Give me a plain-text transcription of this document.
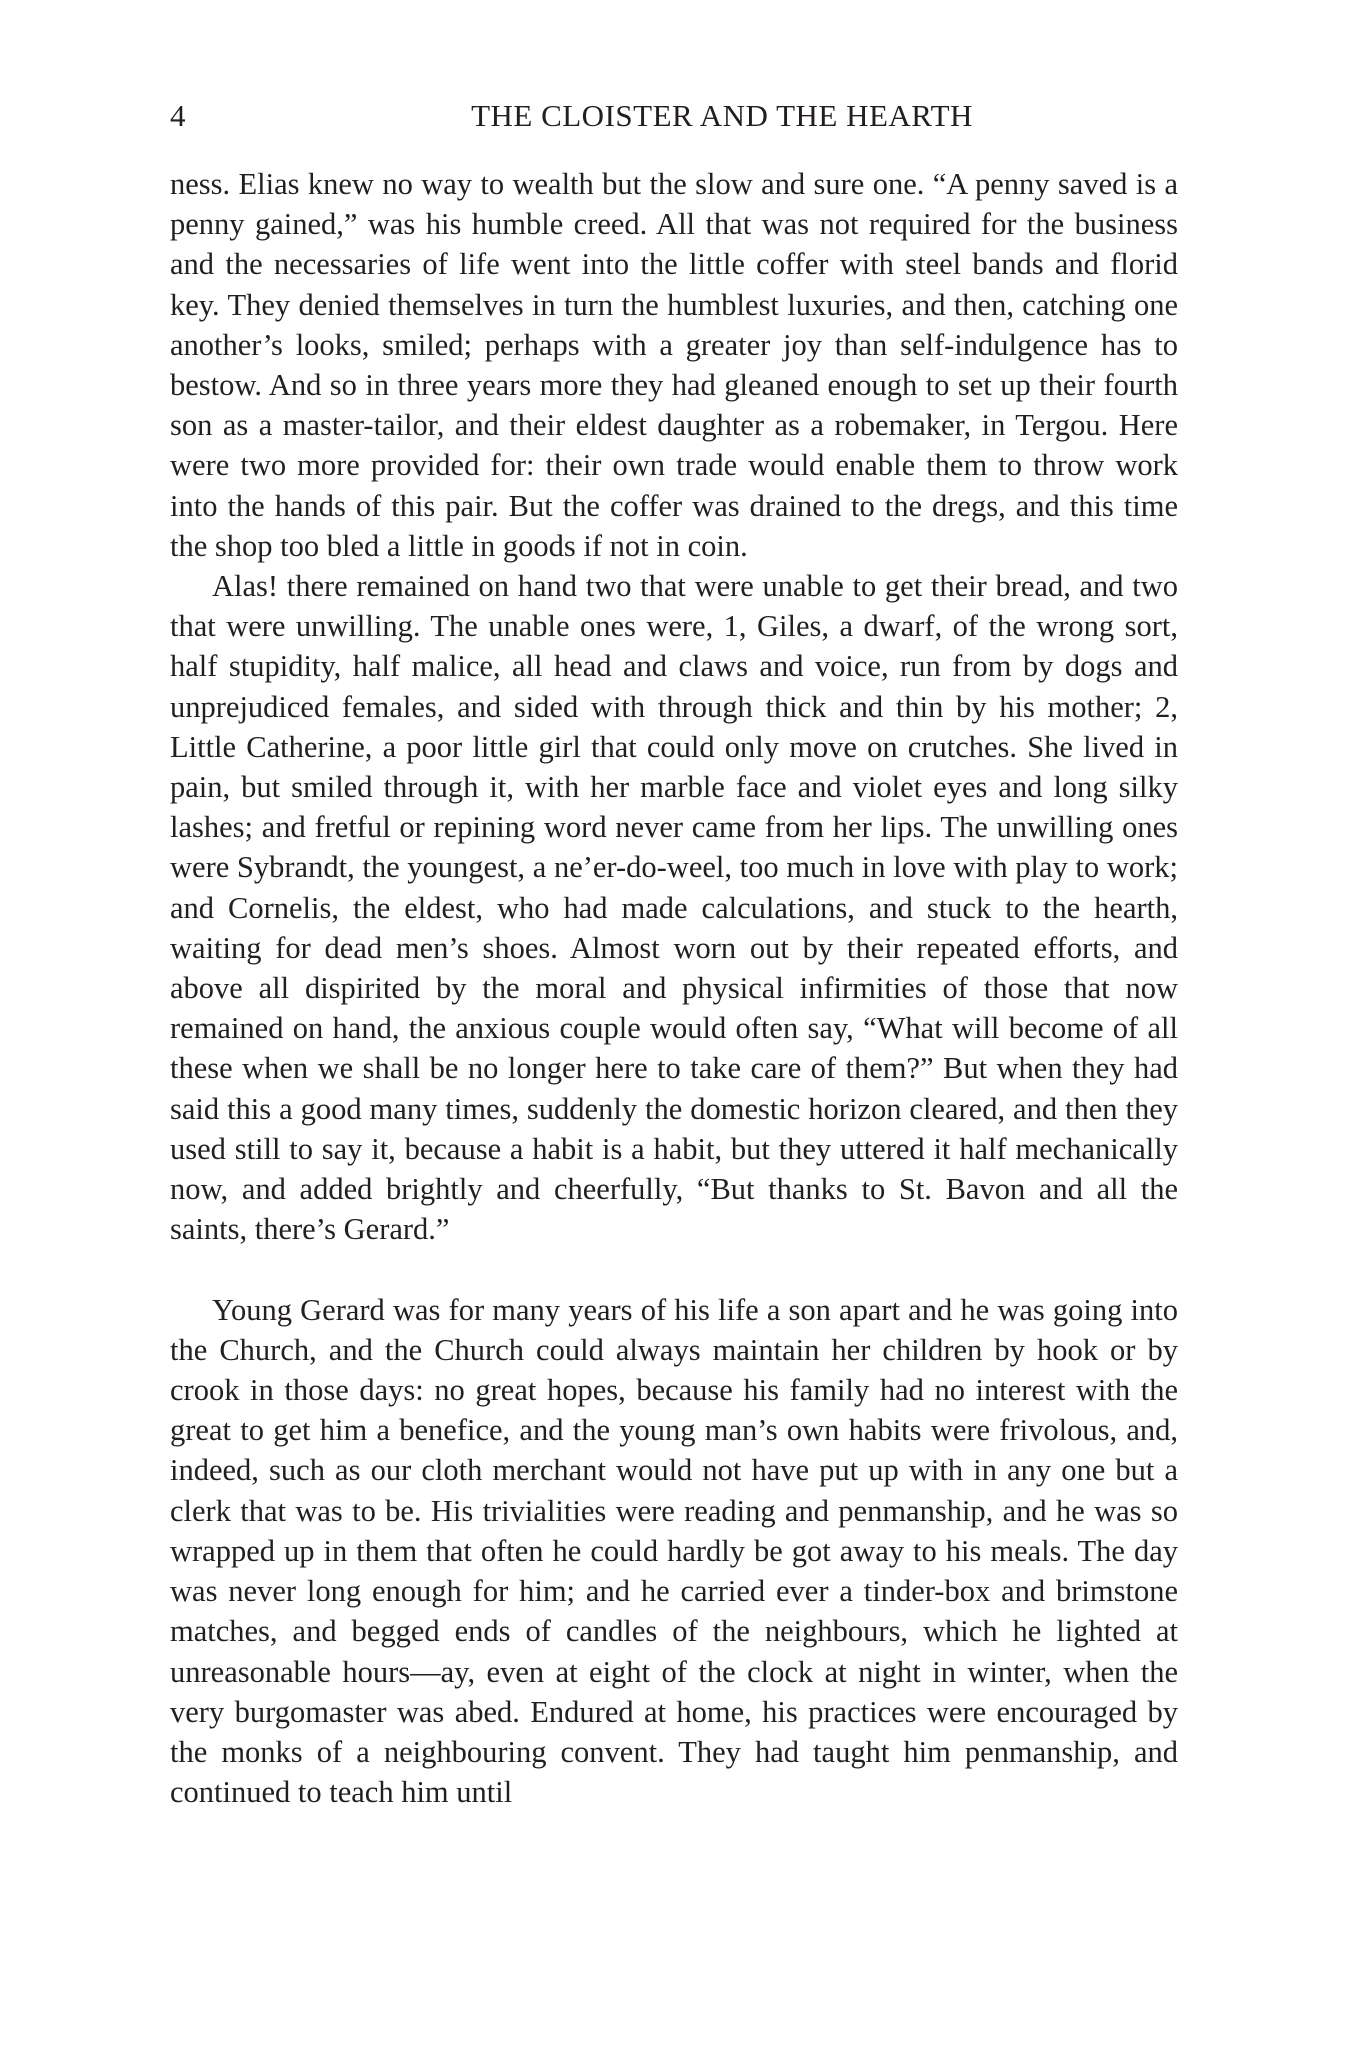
4	THE CLOISTER AND THE HEARTH

ness. Elias knew no way to wealth but the slow and sure one. “A penny saved is a penny gained,” was his humble creed. All that was not required for the business and the necessaries of life went into the little coffer with steel bands and florid key. They denied themselves in turn the humblest luxuries, and then, catching one another’s looks, smiled; perhaps with a greater joy than self-indulgence has to bestow. And so in three years more they had gleaned enough to set up their fourth son as a master-tailor, and their eldest daughter as a robemaker, in Tergou. Here were two more provided for: their own trade would enable them to throw work into the hands of this pair. But the coffer was drained to the dregs, and this time the shop too bled a little in goods if not in coin.

Alas! there remained on hand two that were unable to get their bread, and two that were unwilling. The unable ones were, 1, Giles, a dwarf, of the wrong sort, half stupidity, half malice, all head and claws and voice, run from by dogs and unprejudiced females, and sided with through thick and thin by his mother; 2, Little Catherine, a poor little girl that could only move on crutches. She lived in pain, but smiled through it, with her marble face and violet eyes and long silky lashes; and fretful or repining word never came from her lips. The unwilling ones were Sybrandt, the youngest, a ne’er-do-weel, too much in love with play to work; and Cornelis, the eldest, who had made calculations, and stuck to the hearth, waiting for dead men’s shoes. Almost worn out by their repeated efforts, and above all dispirited by the moral and physical infirmities of those that now remained on hand, the anxious couple would often say, “What will become of all these when we shall be no longer here to take care of them?” But when they had said this a good many times, suddenly the domestic horizon cleared, and then they used still to say it, because a habit is a habit, but they uttered it half mechanically now, and added brightly and cheerfully, “But thanks to St. Bavon and all the saints, there’s Gerard.”

Young Gerard was for many years of his life a son apart and he was going into the Church, and the Church could always maintain her children by hook or by crook in those days: no great hopes, because his family had no interest with the great to get him a benefice, and the young man’s own habits were frivolous, and, indeed, such as our cloth merchant would not have put up with in any one but a clerk that was to be. His trivialities were reading and penmanship, and he was so wrapped up in them that often he could hardly be got away to his meals. The day was never long enough for him; and he carried ever a tinder-box and brimstone matches, and begged ends of candles of the neighbours, which he lighted at unreasonable hours—ay, even at eight of the clock at night in winter, when the very burgomaster was abed. Endured at home, his practices were encouraged by the monks of a neighbouring convent. They had taught him penmanship, and continued to teach him until
